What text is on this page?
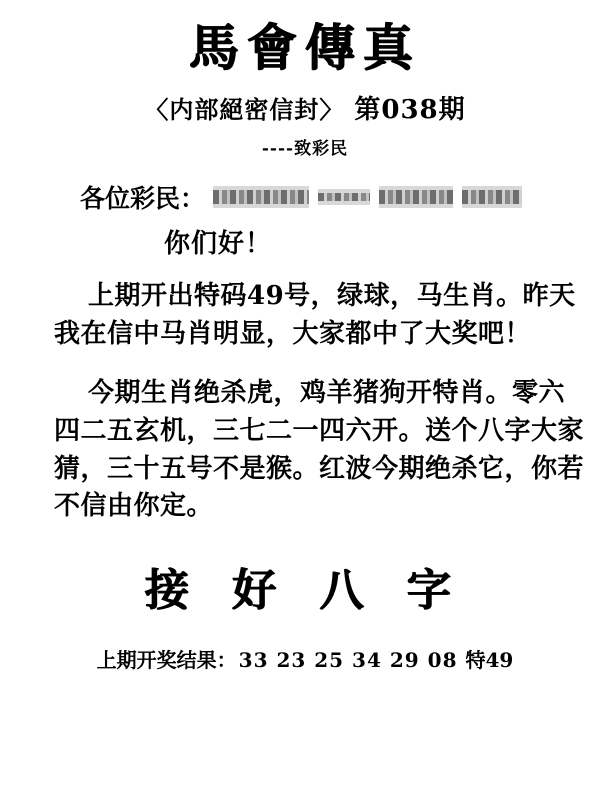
馬會傳真
〈内部絕密信封〉 第038期
----致彩民
各位彩民：
你们好！
上期开出特码49号，绿球，马生肖。昨天我在信中马肖明显，大家都中了大奖吧！
今期生肖绝杀虎，鸡羊猪狗开特肖。零六四二五玄机，三七二一四六开。送个八字大家猜，三十五号不是猴。红波今期绝杀它，你若不信由你定。
接 好 八 字
上期开奖结果： 33 23 25 34 29 08 特49
